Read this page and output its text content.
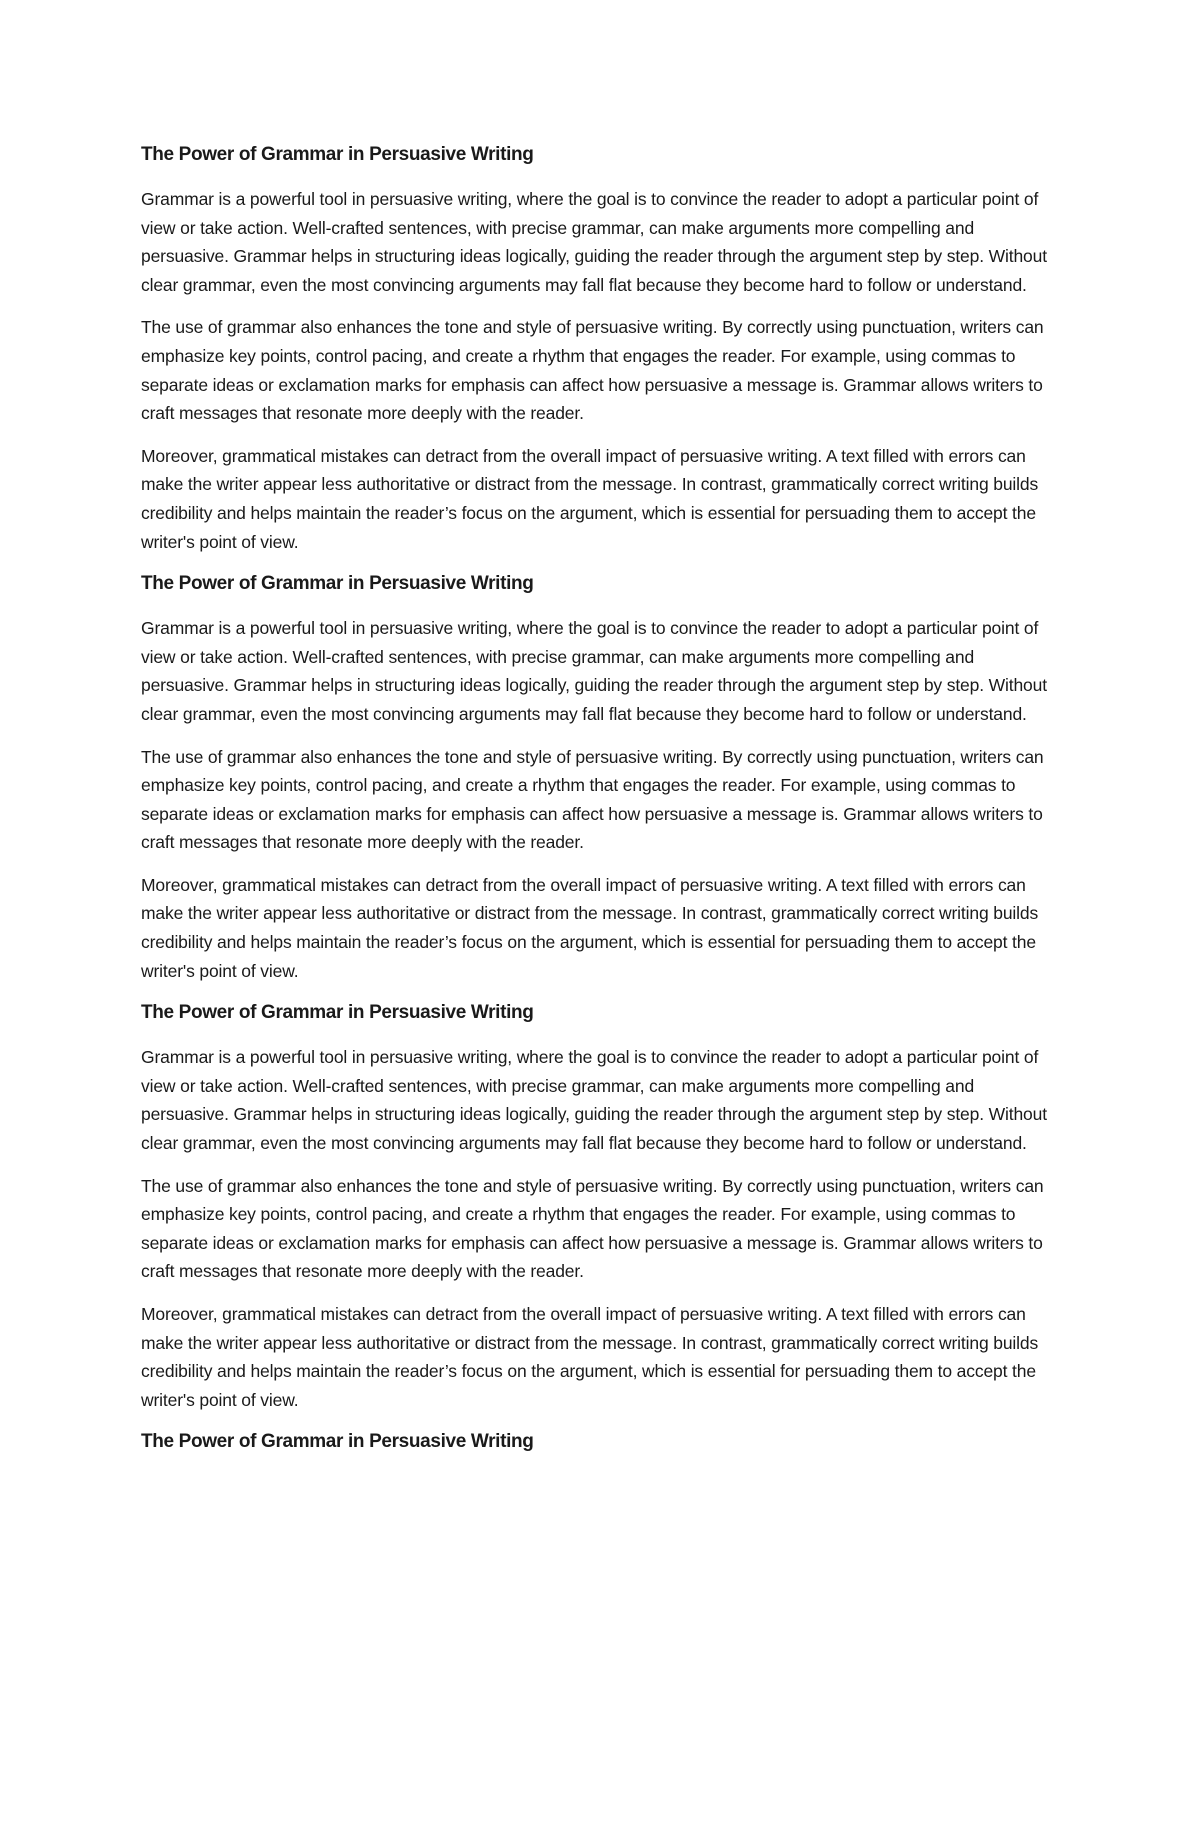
The Power of Grammar in Persuasive Writing

Grammar is a powerful tool in persuasive writing, where the goal is to convince the reader to adopt a particular point of view or take action. Well-crafted sentences, with precise grammar, can make arguments more compelling and persuasive. Grammar helps in structuring ideas logically, guiding the reader through the argument step by step. Without clear grammar, even the most convincing arguments may fall flat because they become hard to follow or understand.

The use of grammar also enhances the tone and style of persuasive writing. By correctly using punctuation, writers can emphasize key points, control pacing, and create a rhythm that engages the reader. For example, using commas to separate ideas or exclamation marks for emphasis can affect how persuasive a message is. Grammar allows writers to craft messages that resonate more deeply with the reader.

Moreover, grammatical mistakes can detract from the overall impact of persuasive writing. A text filled with errors can make the writer appear less authoritative or distract from the message. In contrast, grammatically correct writing builds credibility and helps maintain the reader’s focus on the argument, which is essential for persuading them to accept the writer's point of view.

The Power of Grammar in Persuasive Writing

Grammar is a powerful tool in persuasive writing, where the goal is to convince the reader to adopt a particular point of view or take action. Well-crafted sentences, with precise grammar, can make arguments more compelling and persuasive. Grammar helps in structuring ideas logically, guiding the reader through the argument step by step. Without clear grammar, even the most convincing arguments may fall flat because they become hard to follow or understand.

The use of grammar also enhances the tone and style of persuasive writing. By correctly using punctuation, writers can emphasize key points, control pacing, and create a rhythm that engages the reader. For example, using commas to separate ideas or exclamation marks for emphasis can affect how persuasive a message is. Grammar allows writers to craft messages that resonate more deeply with the reader.

Moreover, grammatical mistakes can detract from the overall impact of persuasive writing. A text filled with errors can make the writer appear less authoritative or distract from the message. In contrast, grammatically correct writing builds credibility and helps maintain the reader’s focus on the argument, which is essential for persuading them to accept the writer's point of view.

The Power of Grammar in Persuasive Writing

Grammar is a powerful tool in persuasive writing, where the goal is to convince the reader to adopt a particular point of view or take action. Well-crafted sentences, with precise grammar, can make arguments more compelling and persuasive. Grammar helps in structuring ideas logically, guiding the reader through the argument step by step. Without clear grammar, even the most convincing arguments may fall flat because they become hard to follow or understand.

The use of grammar also enhances the tone and style of persuasive writing. By correctly using punctuation, writers can emphasize key points, control pacing, and create a rhythm that engages the reader. For example, using commas to separate ideas or exclamation marks for emphasis can affect how persuasive a message is. Grammar allows writers to craft messages that resonate more deeply with the reader.

Moreover, grammatical mistakes can detract from the overall impact of persuasive writing. A text filled with errors can make the writer appear less authoritative or distract from the message. In contrast, grammatically correct writing builds credibility and helps maintain the reader’s focus on the argument, which is essential for persuading them to accept the writer's point of view.

The Power of Grammar in Persuasive Writing
